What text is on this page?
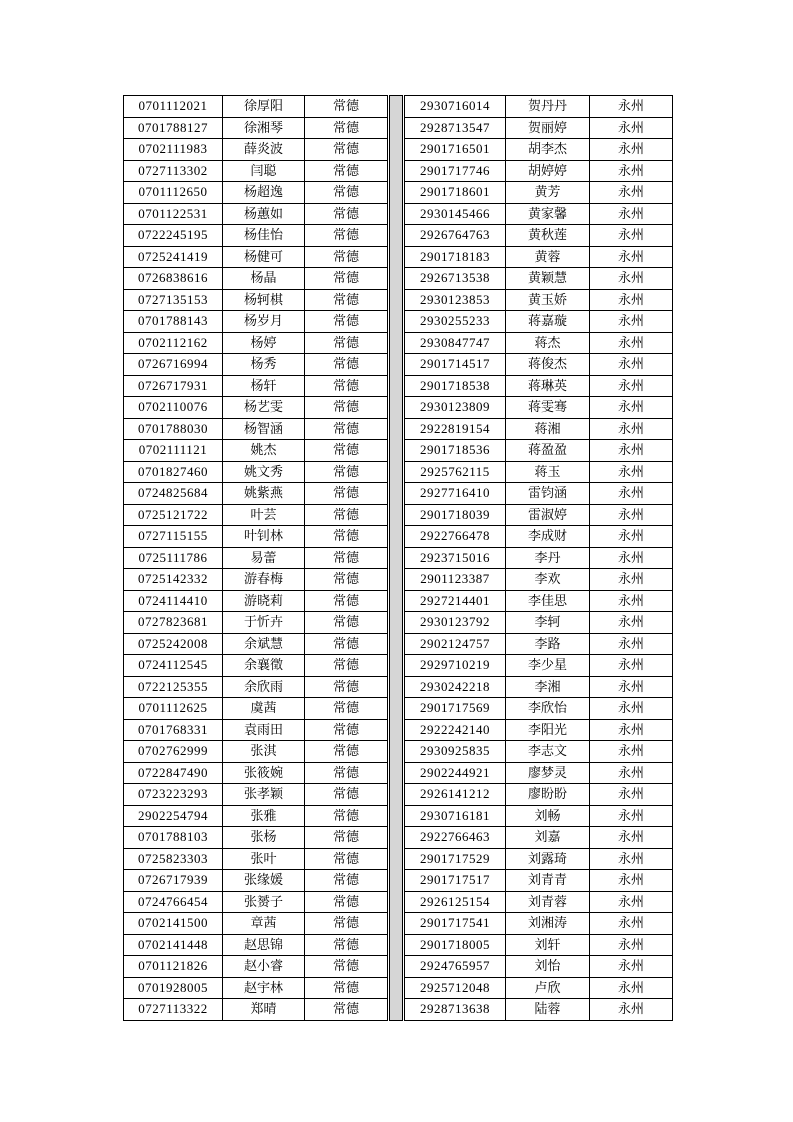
0701112021	徐厚阳	常德
0701788127	徐湘琴	常德
0702111983	薛炎波	常德
0727113302	闫聪	常德
0701112650	杨超逸	常德
0701122531	杨蕙如	常德
0722245195	杨佳怡	常德
0725241419	杨健可	常德
0726838616	杨晶	常德
0727135153	杨轲棋	常德
0701788143	杨岁月	常德
0702112162	杨婷	常德
0726716994	杨秀	常德
0726717931	杨轩	常德
0702110076	杨艺雯	常德
0701788030	杨智涵	常德
0702111121	姚杰	常德
0701827460	姚文秀	常德
0724825684	姚紫燕	常德
0725121722	叶芸	常德
0727115155	叶钊林	常德
0725111786	易蕾	常德
0725142332	游春梅	常德
0724114410	游晓莉	常德
0727823681	于忻卉	常德
0725242008	余斌慧	常德
0724112545	余襄徵	常德
0722125355	余欣雨	常德
0701112625	虞茜	常德
0701768331	袁雨田	常德
0702762999	张淇	常德
0722847490	张筱婉	常德
0723223293	张孝颖	常德
2902254794	张雅	常德
0701788103	张杨	常德
0725823303	张叶	常德
0726717939	张缘媛	常德
0724766454	张赟子	常德
0702141500	章茜	常德
0702141448	赵思锦	常德
0701121826	赵小睿	常德
0701928005	赵宇林	常德
0727113322	郑晴	常德
2930716014	贺丹丹	永州
2928713547	贺丽婷	永州
2901716501	胡李杰	永州
2901717746	胡婷婷	永州
2901718601	黄芳	永州
2930145466	黄家馨	永州
2926764763	黄秋莲	永州
2901718183	黄蓉	永州
2926713538	黄颖慧	永州
2930123853	黄玉娇	永州
2930255233	蒋嘉璇	永州
2930847747	蒋杰	永州
2901714517	蒋俊杰	永州
2901718538	蒋琳英	永州
2930123809	蒋雯骞	永州
2922819154	蒋湘	永州
2901718536	蒋盈盈	永州
2925762115	蒋玉	永州
2927716410	雷钧涵	永州
2901718039	雷淑婷	永州
2922766478	李成财	永州
2923715016	李丹	永州
2901123387	李欢	永州
2927214401	李佳思	永州
2930123792	李轲	永州
2902124757	李路	永州
2929710219	李少星	永州
2930242218	李湘	永州
2901717569	李欣怡	永州
2922242140	李阳光	永州
2930925835	李志文	永州
2902244921	廖梦灵	永州
2926141212	廖盼盼	永州
2930716181	刘畅	永州
2922766463	刘嘉	永州
2901717529	刘露琦	永州
2901717517	刘青青	永州
2926125154	刘青蓉	永州
2901717541	刘湘涛	永州
2901718005	刘轩	永州
2924765957	刘怡	永州
2925712048	卢欣	永州
2928713638	陆蓉	永州
